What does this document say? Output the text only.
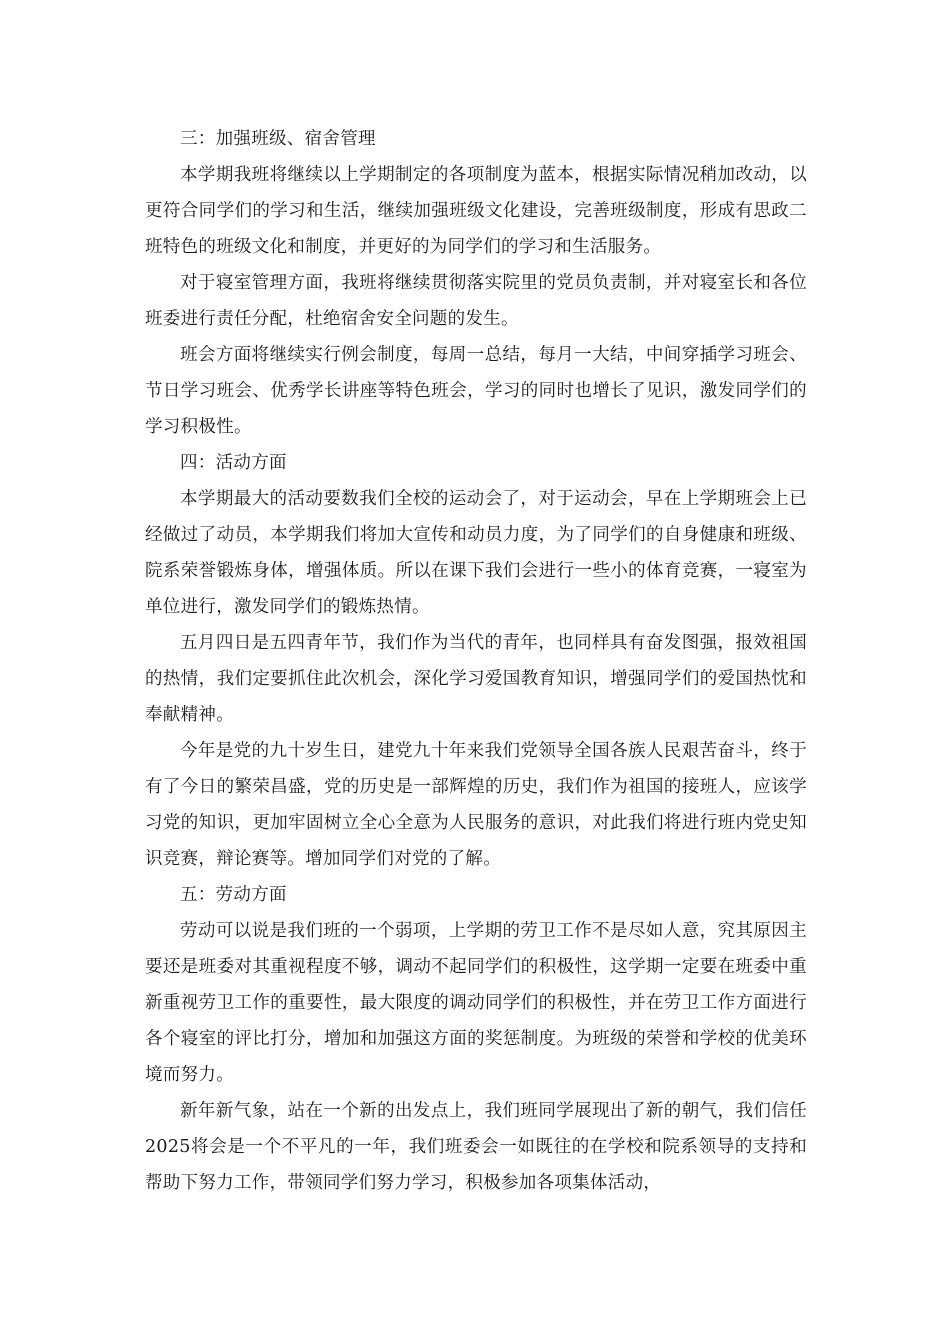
三：加强班级、宿舍管理

本学期我班将继续以上学期制定的各项制度为蓝本，根据实际情况稍加改动，以更符合同学们的学习和生活，继续加强班级文化建设，完善班级制度，形成有思政二班特色的班级文化和制度，并更好的为同学们的学习和生活服务。

对于寝室管理方面，我班将继续贯彻落实院里的党员负责制，并对寝室长和各位班委进行责任分配，杜绝宿舍安全问题的发生。

班会方面将继续实行例会制度，每周一总结，每月一大结，中间穿插学习班会、节日学习班会、优秀学长讲座等特色班会，学习的同时也增长了见识，激发同学们的学习积极性。

四：活动方面

本学期最大的活动要数我们全校的运动会了，对于运动会，早在上学期班会上已经做过了动员，本学期我们将加大宣传和动员力度，为了同学们的自身健康和班级、院系荣誉锻炼身体，增强体质。所以在课下我们会进行一些小的体育竞赛，一寝室为单位进行，激发同学们的锻炼热情。

五月四日是五四青年节，我们作为当代的青年，也同样具有奋发图强，报效祖国的热情，我们定要抓住此次机会，深化学习爱国教育知识，增强同学们的爱国热忱和奉献精神。

今年是党的九十岁生日，建党九十年来我们党领导全国各族人民艰苦奋斗，终于有了今日的繁荣昌盛，党的历史是一部辉煌的历史，我们作为祖国的接班人，应该学习党的知识，更加牢固树立全心全意为人民服务的意识，对此我们将进行班内党史知识竞赛，辩论赛等。增加同学们对党的了解。

五：劳动方面

劳动可以说是我们班的一个弱项，上学期的劳卫工作不是尽如人意，究其原因主要还是班委对其重视程度不够，调动不起同学们的积极性，这学期一定要在班委中重新重视劳卫工作的重要性，最大限度的调动同学们的积极性，并在劳卫工作方面进行各个寝室的评比打分，增加和加强这方面的奖惩制度。为班级的荣誉和学校的优美环境而努力。

新年新气象，站在一个新的出发点上，我们班同学展现出了新的朝气，我们信任2025将会是一个不平凡的一年，我们班委会一如既往的在学校和院系领导的支持和帮助下努力工作，带领同学们努力学习，积极参加各项集体活动，
